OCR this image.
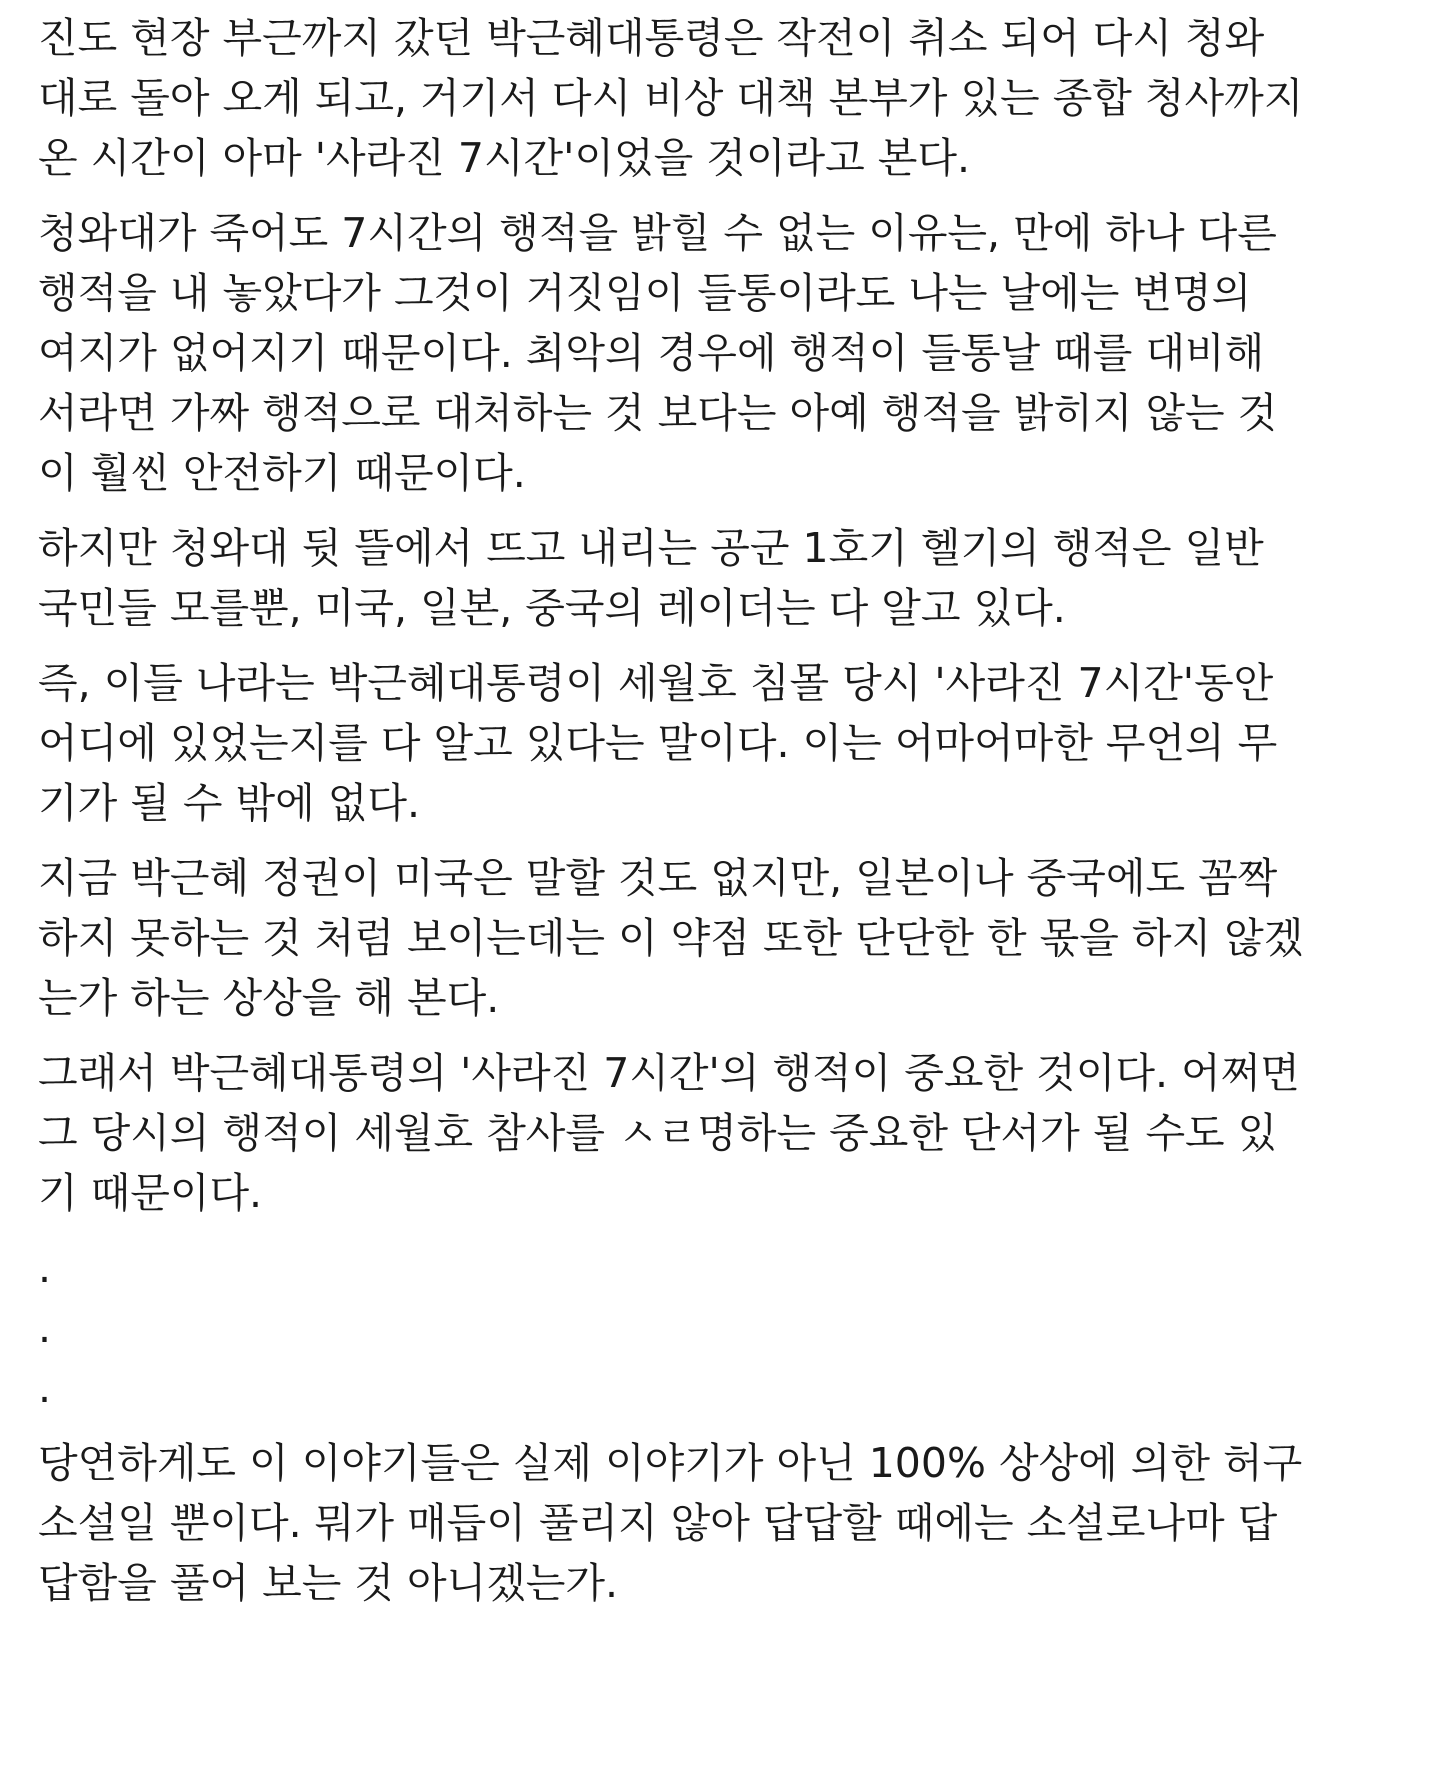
진도 현장 부근까지 갔던 박근혜대통령은 작전이 취소 되어 다시 청와
대로 돌아 오게 되고, 거기서 다시 비상 대책 본부가 있는 종합 청사까지
온 시간이 아마 '사라진 7시간'이었을 것이라고 본다.
청와대가 죽어도 7시간의 행적을 밝힐 수 없는 이유는, 만에 하나 다른
행적을 내 놓았다가 그것이 거짓임이 들통이라도 나는 날에는 변명의
여지가 없어지기 때문이다. 최악의 경우에 행적이 들통날 때를 대비해
서라면 가짜 행적으로 대처하는 것 보다는 아예 행적을 밝히지 않는 것
이 훨씬 안전하기 때문이다.
하지만 청와대 뒷 뜰에서 뜨고 내리는 공군 1호기 헬기의 행적은 일반
국민들 모를뿐, 미국, 일본, 중국의 레이더는 다 알고 있다.
즉, 이들 나라는 박근혜대통령이 세월호 침몰 당시 '사라진 7시간'동안
어디에 있었는지를 다 알고 있다는 말이다. 이는 어마어마한 무언의 무
기가 될 수 밖에 없다.
지금 박근혜 정권이 미국은 말할 것도 없지만, 일본이나 중국에도 꼼짝
하지 못하는 것 처럼 보이는데는 이 약점 또한 단단한 한 몫을 하지 않겠
는가 하는 상상을 해 본다.
그래서 박근혜대통령의 '사라진 7시간'의 행적이 중요한 것이다. 어쩌면
그 당시의 행적이 세월호 참사를 ㅅㄹ명하는 중요한 단서가 될 수도 있
기 때문이다.
.
.
.
당연하게도 이 이야기들은 실제 이야기가 아닌 100% 상상에 의한 허구
소설일 뿐이다. 뭐가 매듭이 풀리지 않아 답답할 때에는 소설로나마 답
답함을 풀어 보는 것 아니겠는가.
